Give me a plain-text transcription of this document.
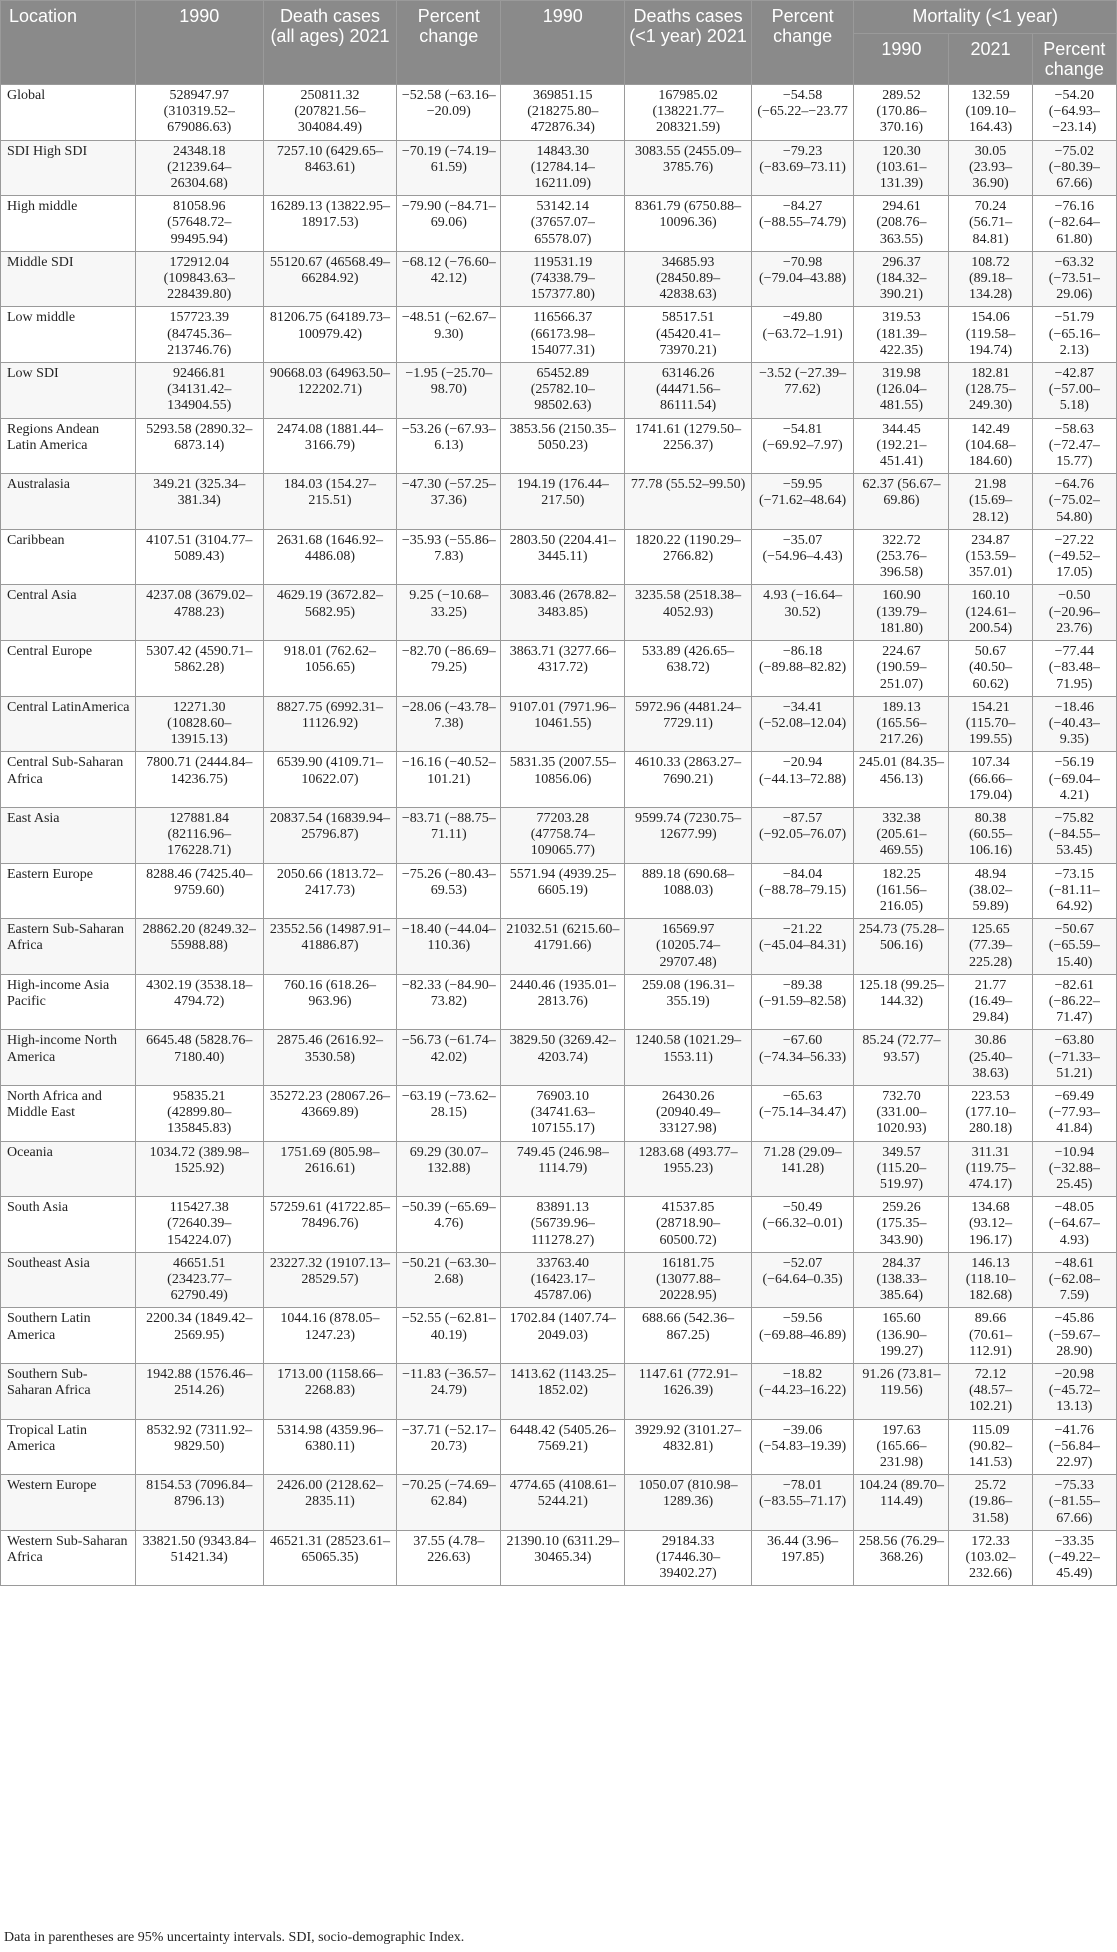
Location	1990	Death cases (all ages) 2021	Percent change	1990	Deaths cases (<1 year) 2021	Percent change	Mortality (<1 year)		
							1990	2021	Percent change
Global	528947.97 (310319.52–679086.63)	250811.32 (207821.56–304084.49)	−52.58 (−63.16–−20.09)	369851.15 (218275.80–472876.34)	167985.02 (138221.77–208321.59)	−54.58 (−65.22–−23.77	289.52 (170.86–370.16)	132.59 (109.10–164.43)	−54.20 (−64.93–−23.14)
SDI High SDI	24348.18 (21239.64–26304.68)	7257.10 (6429.65–8463.61)	−70.19 (−74.19–61.59)	14843.30 (12784.14–16211.09)	3083.55 (2455.09–3785.76)	−79.23 (−83.69–73.11)	120.30 (103.61–131.39)	30.05 (23.93–36.90)	−75.02 (−80.39–67.66)
High middle	81058.96 (57648.72–99495.94)	16289.13 (13822.95–18917.53)	−79.90 (−84.71–69.06)	53142.14 (37657.07–65578.07)	8361.79 (6750.88–10096.36)	−84.27 (−88.55–74.79)	294.61 (208.76–363.55)	70.24 (56.71–84.81)	−76.16 (−82.64–61.80)
Middle SDI	172912.04 (109843.63–228439.80)	55120.67 (46568.49–66284.92)	−68.12 (−76.60–42.12)	119531.19 (74338.79–157377.80)	34685.93 (28450.89–42838.63)	−70.98 (−79.04–43.88)	296.37 (184.32–390.21)	108.72 (89.18–134.28)	−63.32 (−73.51–29.06)
Low middle	157723.39 (84745.36–213746.76)	81206.75 (64189.73–100979.42)	−48.51 (−62.67–9.30)	116566.37 (66173.98–154077.31)	58517.51 (45420.41–73970.21)	−49.80 (−63.72–1.91)	319.53 (181.39–422.35)	154.06 (119.58–194.74)	−51.79 (−65.16–2.13)
Low SDI	92466.81 (34131.42–134904.55)	90668.03 (64963.50–122202.71)	−1.95 (−25.70–98.70)	65452.89 (25782.10–98502.63)	63146.26 (44471.56–86111.54)	−3.52 (−27.39–77.62)	319.98 (126.04–481.55)	182.81 (128.75–249.30)	−42.87 (−57.00–5.18)
Regions Andean Latin America	5293.58 (2890.32–6873.14)	2474.08 (1881.44–3166.79)	−53.26 (−67.93–6.13)	3853.56 (2150.35–5050.23)	1741.61 (1279.50–2256.37)	−54.81 (−69.92–7.97)	344.45 (192.21–451.41)	142.49 (104.68–184.60)	−58.63 (−72.47–15.77)
Australasia	349.21 (325.34–381.34)	184.03 (154.27–215.51)	−47.30 (−57.25–37.36)	194.19 (176.44–217.50)	77.78 (55.52–99.50)	−59.95 (−71.62–48.64)	62.37 (56.67–69.86)	21.98 (15.69–28.12)	−64.76 (−75.02–54.80)
Caribbean	4107.51 (3104.77–5089.43)	2631.68 (1646.92–4486.08)	−35.93 (−55.86–7.83)	2803.50 (2204.41–3445.11)	1820.22 (1190.29–2766.82)	−35.07 (−54.96–4.43)	322.72 (253.76–396.58)	234.87 (153.59–357.01)	−27.22 (−49.52–17.05)
Central Asia	4237.08 (3679.02–4788.23)	4629.19 (3672.82–5682.95)	9.25 (−10.68–33.25)	3083.46 (2678.82–3483.85)	3235.58 (2518.38–4052.93)	4.93 (−16.64–30.52)	160.90 (139.79–181.80)	160.10 (124.61–200.54)	−0.50 (−20.96–23.76)
Central Europe	5307.42 (4590.71–5862.28)	918.01 (762.62–1056.65)	−82.70 (−86.69–79.25)	3863.71 (3277.66–4317.72)	533.89 (426.65–638.72)	−86.18 (−89.88–82.82)	224.67 (190.59–251.07)	50.67 (40.50–60.62)	−77.44 (−83.48–71.95)
Central LatinAmerica	12271.30 (10828.60–13915.13)	8827.75 (6992.31–11126.92)	−28.06 (−43.78–7.38)	9107.01 (7971.96–10461.55)	5972.96 (4481.24–7729.11)	−34.41 (−52.08–12.04)	189.13 (165.56–217.26)	154.21 (115.70–199.55)	−18.46 (−40.43–9.35)
Central Sub-Saharan Africa	7800.71 (2444.84–14236.75)	6539.90 (4109.71–10622.07)	−16.16 (−40.52–101.21)	5831.35 (2007.55–10856.06)	4610.33 (2863.27–7690.21)	−20.94 (−44.13–72.88)	245.01 (84.35–456.13)	107.34 (66.66–179.04)	−56.19 (−69.04–4.21)
East Asia	127881.84 (82116.96–176228.71)	20837.54 (16839.94–25796.87)	−83.71 (−88.75–71.11)	77203.28 (47758.74–109065.77)	9599.74 (7230.75–12677.99)	−87.57 (−92.05–76.07)	332.38 (205.61–469.55)	80.38 (60.55–106.16)	−75.82 (−84.55–53.45)
Eastern Europe	8288.46 (7425.40–9759.60)	2050.66 (1813.72–2417.73)	−75.26 (−80.43–69.53)	5571.94 (4939.25–6605.19)	889.18 (690.68–1088.03)	−84.04 (−88.78–79.15)	182.25 (161.56–216.05)	48.94 (38.02–59.89)	−73.15 (−81.11–64.92)
Eastern Sub-Saharan Africa	28862.20 (8249.32–55988.88)	23552.56 (14987.91–41886.87)	−18.40 (−44.04–110.36)	21032.51 (6215.60–41791.66)	16569.97 (10205.74–29707.48)	−21.22 (−45.04–84.31)	254.73 (75.28–506.16)	125.65 (77.39–225.28)	−50.67 (−65.59–15.40)
High-income Asia Pacific	4302.19 (3538.18–4794.72)	760.16 (618.26–963.96)	−82.33 (−84.90–73.82)	2440.46 (1935.01–2813.76)	259.08 (196.31–355.19)	−89.38 (−91.59–82.58)	125.18 (99.25–144.32)	21.77 (16.49–29.84)	−82.61 (−86.22–71.47)
High-income North America	6645.48 (5828.76–7180.40)	2875.46 (2616.92–3530.58)	−56.73 (−61.74–42.02)	3829.50 (3269.42–4203.74)	1240.58 (1021.29–1553.11)	−67.60 (−74.34–56.33)	85.24 (72.77–93.57)	30.86 (25.40–38.63)	−63.80 (−71.33–51.21)
North Africa and Middle East	95835.21 (42899.80–135845.83)	35272.23 (28067.26–43669.89)	−63.19 (−73.62–28.15)	76903.10 (34741.63–107155.17)	26430.26 (20940.49–33127.98)	−65.63 (−75.14–34.47)	732.70 (331.00–1020.93)	223.53 (177.10–280.18)	−69.49 (−77.93–41.84)
Oceania	1034.72 (389.98–1525.92)	1751.69 (805.98–2616.61)	69.29 (30.07–132.88)	749.45 (246.98–1114.79)	1283.68 (493.77–1955.23)	71.28 (29.09–141.28)	349.57 (115.20–519.97)	311.31 (119.75–474.17)	−10.94 (−32.88–25.45)
South Asia	115427.38 (72640.39–154224.07)	57259.61 (41722.85–78496.76)	−50.39 (−65.69–4.76)	83891.13 (56739.96–111278.27)	41537.85 (28718.90–60500.72)	−50.49 (−66.32–0.01)	259.26 (175.35–343.90)	134.68 (93.12–196.17)	−48.05 (−64.67–4.93)
Southeast Asia	46651.51 (23423.77–62790.49)	23227.32 (19107.13–28529.57)	−50.21 (−63.30–2.68)	33763.40 (16423.17–45787.06)	16181.75 (13077.88–20228.95)	−52.07 (−64.64–0.35)	284.37 (138.33–385.64)	146.13 (118.10–182.68)	−48.61 (−62.08–7.59)
Southern Latin America	2200.34 (1849.42–2569.95)	1044.16 (878.05–1247.23)	−52.55 (−62.81–40.19)	1702.84 (1407.74–2049.03)	688.66 (542.36–867.25)	−59.56 (−69.88–46.89)	165.60 (136.90–199.27)	89.66 (70.61–112.91)	−45.86 (−59.67–28.90)
Southern Sub-Saharan Africa	1942.88 (1576.46–2514.26)	1713.00 (1158.66–2268.83)	−11.83 (−36.57–24.79)	1413.62 (1143.25–1852.02)	1147.61 (772.91–1626.39)	−18.82 (−44.23–16.22)	91.26 (73.81–119.56)	72.12 (48.57–102.21)	−20.98 (−45.72–13.13)
Tropical Latin America	8532.92 (7311.92–9829.50)	5314.98 (4359.96–6380.11)	−37.71 (−52.17–20.73)	6448.42 (5405.26–7569.21)	3929.92 (3101.27–4832.81)	−39.06 (−54.83–19.39)	197.63 (165.66–231.98)	115.09 (90.82–141.53)	−41.76 (−56.84–22.97)
Western Europe	8154.53 (7096.84–8796.13)	2426.00 (2128.62–2835.11)	−70.25 (−74.69–62.84)	4774.65 (4108.61–5244.21)	1050.07 (810.98–1289.36)	−78.01 (−83.55–71.17)	104.24 (89.70–114.49)	25.72 (19.86–31.58)	−75.33 (−81.55–67.66)
Western Sub-Saharan Africa	33821.50 (9343.84–51421.34)	46521.31 (28523.61–65065.35)	37.55 (4.78–226.63)	21390.10 (6311.29–30465.34)	29184.33 (17446.30–39402.27)	36.44 (3.96–197.85)	258.56 (76.29–368.26)	172.33 (103.02–232.66)	−33.35 (−49.22–45.49)
Data in parentheses are 95% uncertainty intervals. SDI, socio-demographic Index.
